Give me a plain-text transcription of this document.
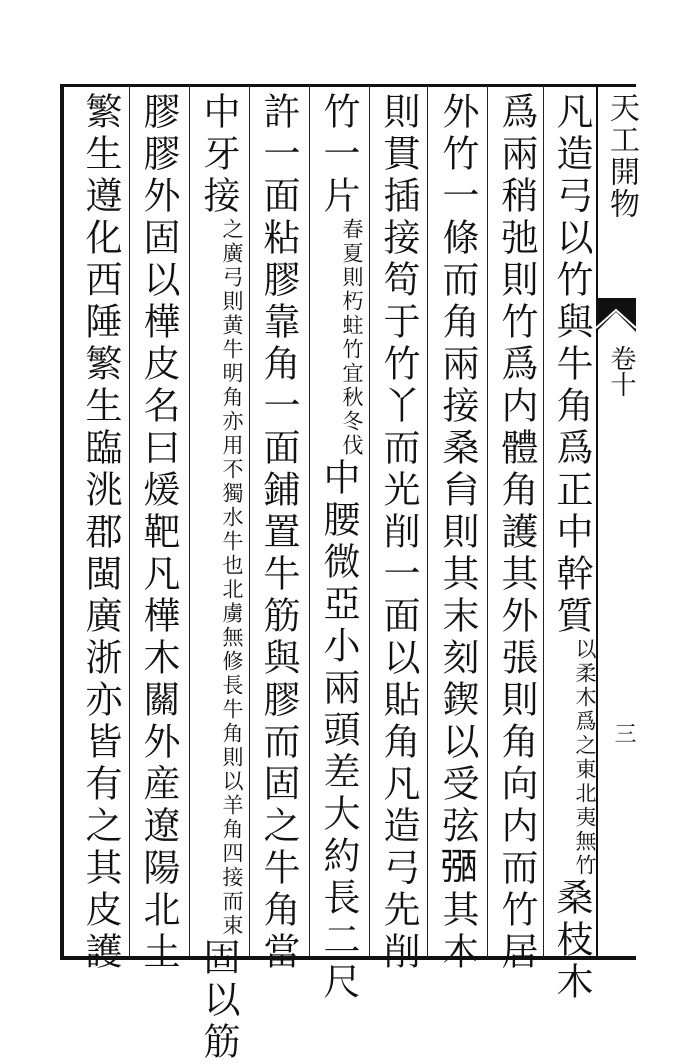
天工開物
卷十
三
凡造弓以竹與牛角爲正中幹質
東北夷無竹
以柔木爲之
桑枝木
爲兩稍弛則竹爲内體角護其外張則角向内而竹居
外竹一條而角兩接桑䏍則其末刻鍥以受弦𢐀其本
則貫插接笱于竹丫而光削一面以貼角凡造弓先削
竹一片
竹宜秋冬伐
春夏則朽蛀
中腰微亞小兩頭差大約長二尺
許一面粘膠靠角一面鋪置牛筋與膠而固之牛角當
中牙接
北虜無修長牛角則以羊角四接而束
之廣弓則黄牛明角亦用不獨水牛也
固以筋
膠膠外固以樺皮名曰煖靶凡樺木關外産遼陽北土
繁生遵化西陲繁生臨洮郡閩廣浙亦皆有之其皮護
